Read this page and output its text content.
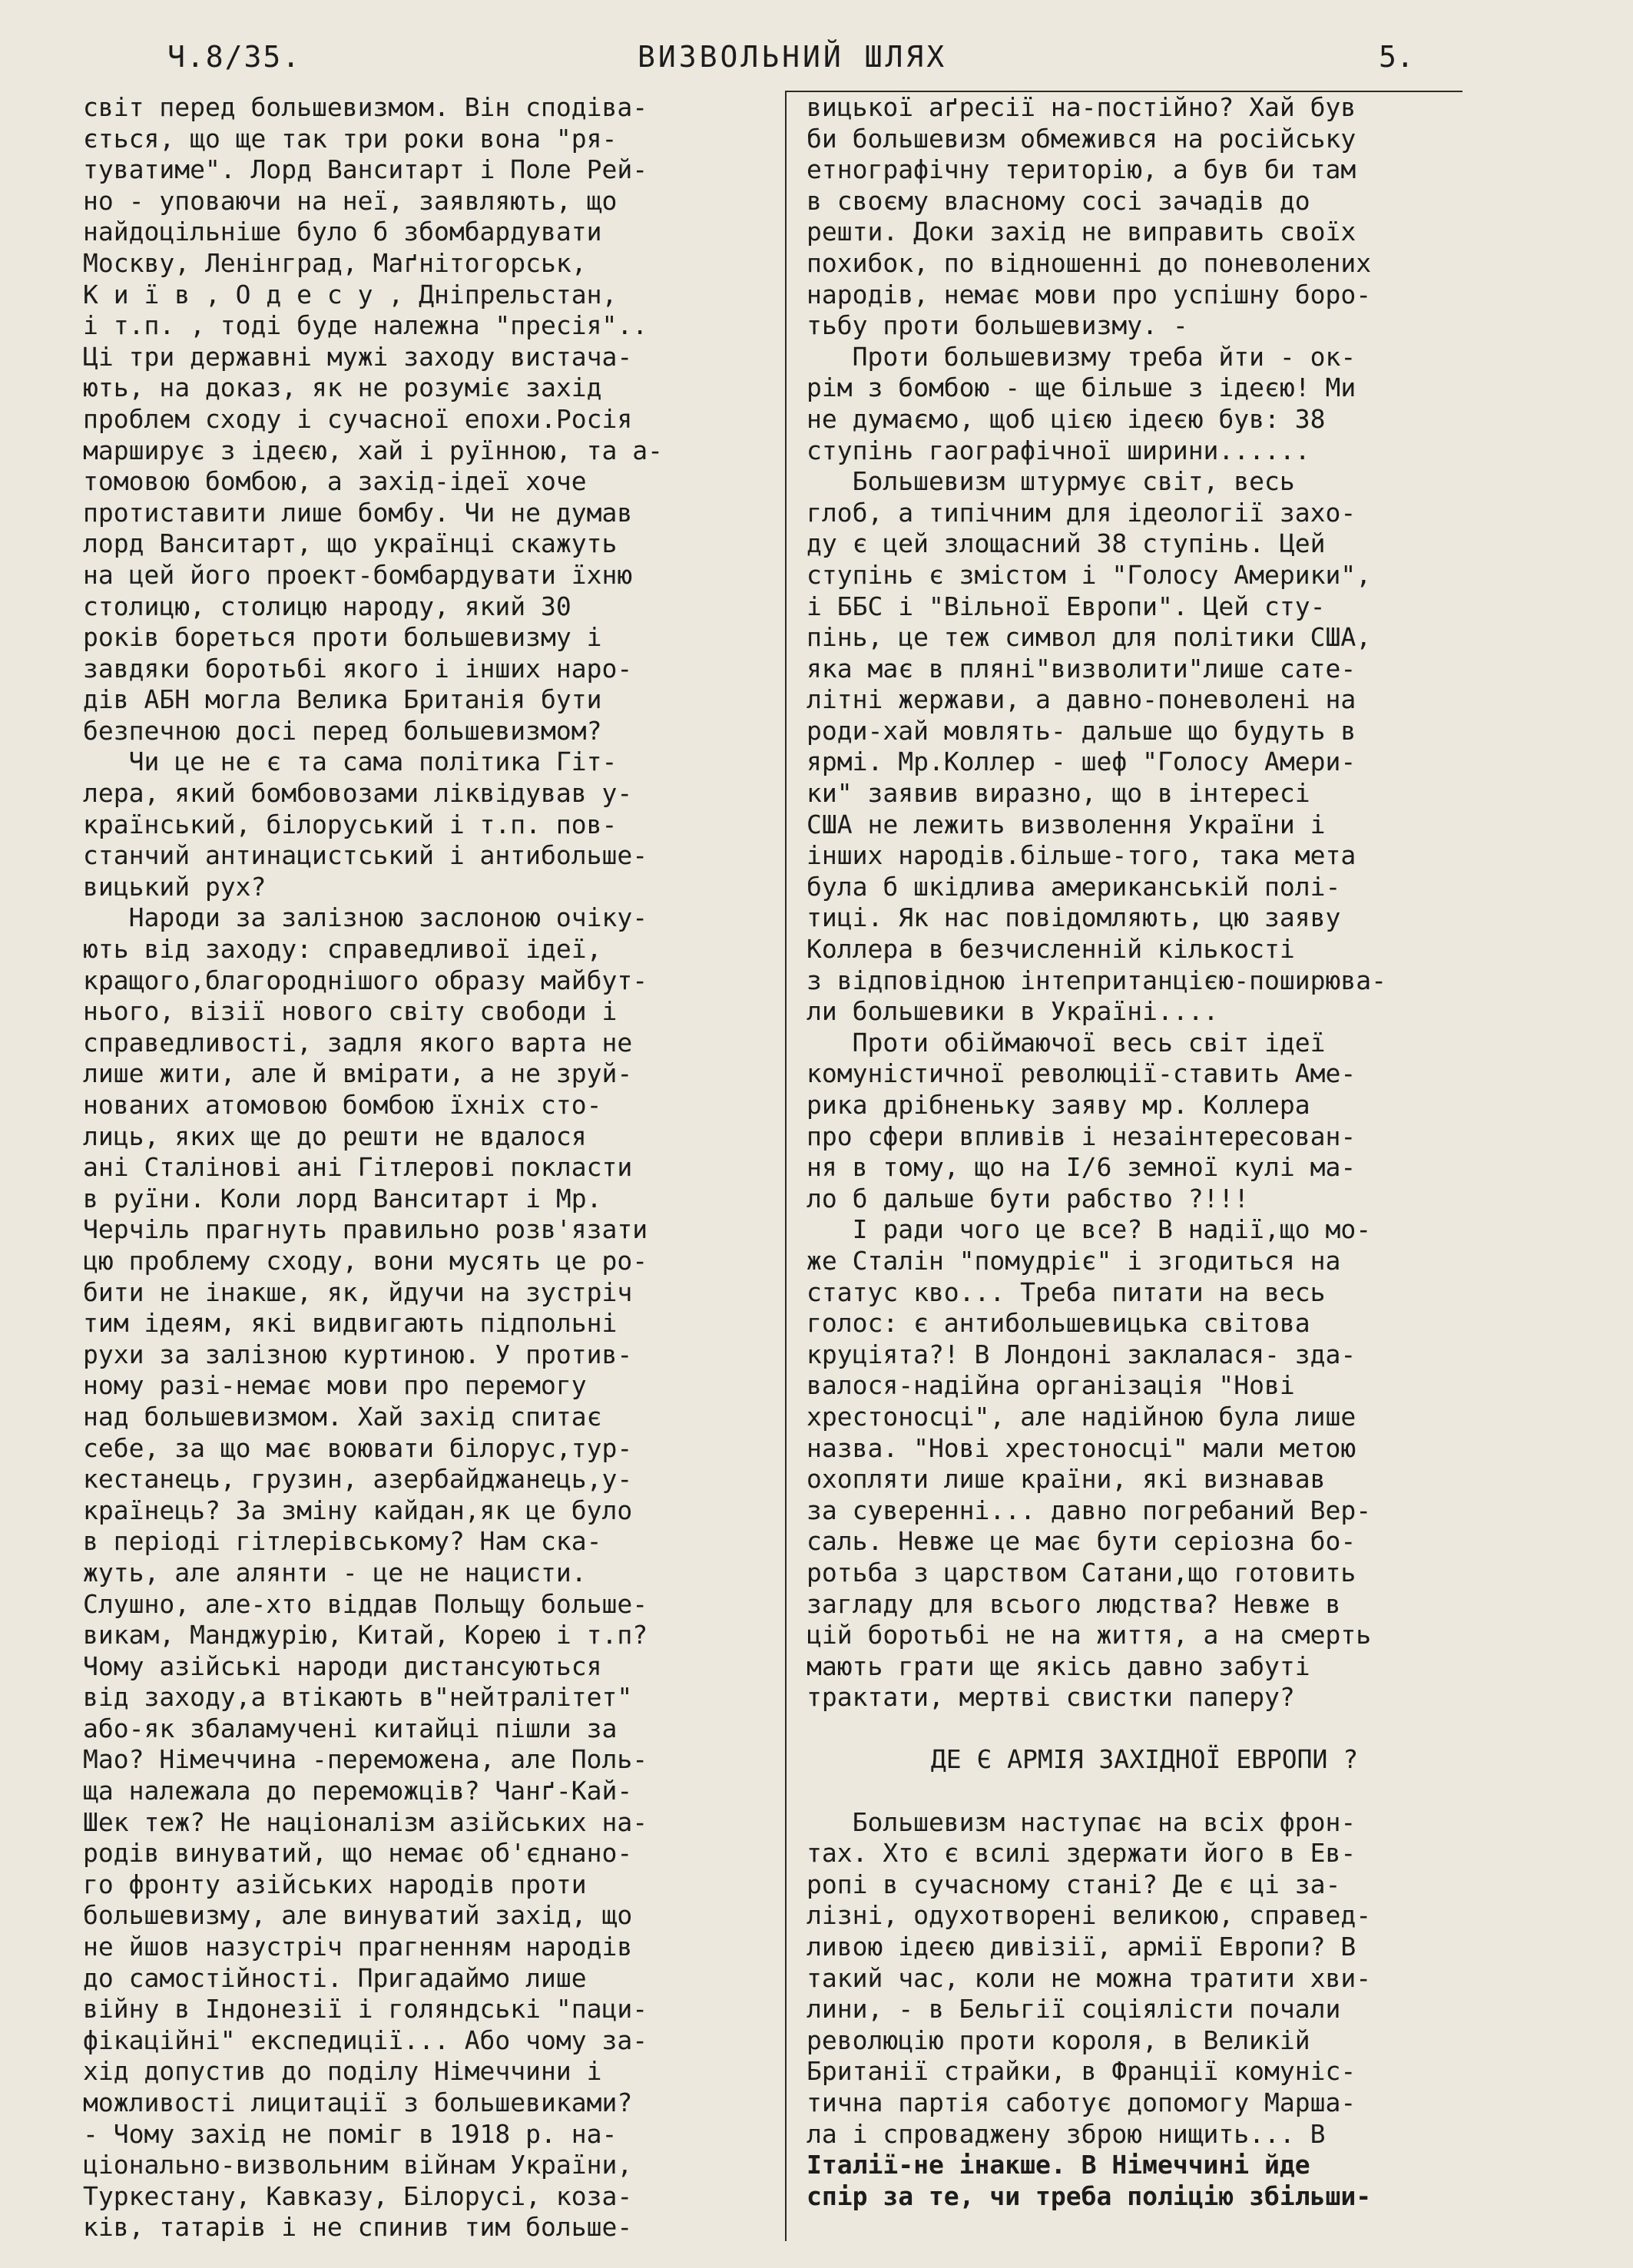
Ч.8/35.	ВИЗВОЛЬНИЙ ШЛЯХ	5.
світ перед большевизмом. Він сподіва-
ється, що ще так три роки вона "ря-
туватиме". Лорд Ванситарт і Поле Рей-
но - уповаючи на неї, заявляють, що
найдоцільніше було б збомбардувати
Москву, Ленінград, Маґнітогорськ,
К и ї в , О д е с у , Дніпрельстан,
і т.п. , тоді буде належна "пресія"..
Ці три державні мужі заходу вистача-
ють, на доказ, як не розуміє захід
проблем сходу і сучасної епохи.Росія
марширує з ідеєю, хай і руїнною, та а-
томовою бомбою, а захід-ідеї хоче
протиставити лише бомбу. Чи не думав
лорд Ванситарт, що українці скажуть
на цей його проект-бомбардувати їхню
столицю, столицю народу, який 30
років бореться проти большевизму і
завдяки боротьбі якого і інших наро-
дів АБН могла Велика Британія бути
безпечною досі перед большевизмом?
Чи це не є та сама політика Гіт-
лера, який бомбовозами ліквідував у-
країнський, білоруський і т.п. пов-
станчий антинацистський і антибольше-
вицький рух?
Народи за залізною заслоною очіку-
ють від заходу: справедливої ідеї,
кращого,благороднішого образу майбут-
нього, візії нового світу свободи і
справедливості, задля якого варта не
лише жити, але й вмірати, а не зруй-
нованих атомовою бомбою їхніх сто-
лиць, яких ще до решти не вдалося
ані Сталінові ані Гітлерові покласти
в руїни. Коли лорд Ванситарт і Мр.
Черчіль прагнуть правильно розв'язати
цю проблему сходу, вони мусять це ро-
бити не інакше, як, йдучи на зустріч
тим ідеям, які видвигають підпольні
рухи за залізною куртиною. У против-
ному разі-немає мови про перемогу
над большевизмом. Хай захід спитає
себе, за що має воювати білорус,тур-
кестанець, грузин, азербайджанець,у-
країнець? За зміну кайдан,як це було
в періоді гітлерівському? Нам ска-
жуть, але алянти - це не нацисти.
Слушно, але-хто віддав Польщу больше-
викам, Манджурію, Китай, Корею і т.п?
Чому азійські народи дистансуються
від заходу,а втікають в"нейтралітет"
або-як збаламучені китайці пішли за
Мао? Німеччина -переможена, але Поль-
ща належала до переможців? Чанґ-Кай-
Шек теж? Не націоналізм азійських на-
родів винуватий, що немає об'єднано-
го фронту азійських народів проти
большевизму, але винуватий захід, що
не йшов назустріч прагненням народів
до самостійності. Пригадаймо лише
війну в Індонезії і голяндські "паци-
фікаційні" експедиції... Або чому за-
хід допустив до поділу Німеччини і
можливості лицитації з большевиками?
- Чому захід не поміг в 1918 р. на-
ціонально-визвольним війнам України,
Туркестану, Кавказу, Білорусі, коза-
ків, татарів і не спинив тим больше-
вицької аґресії на-постійно? Хай був
би большевизм обмежився на російську
етнографічну територію, а був би там
в своєму власному сосі зачадів до
решти. Доки захід не виправить своїх
похибок, по відношенні до поневолених
народів, немає мови про успішну боро-
тьбу проти большевизму. -
Проти большевизму треба йти - ок-
рім з бомбою - ще більше з ідеєю! Ми
не думаємо, щоб цією ідеєю був: 38
ступінь гаографічної ширини......
Большевизм штурмує світ, весь
глоб, а типічним для ідеології захо-
ду є цей злощасний 38 ступінь. Цей
ступінь є змістом і "Голосу Америки",
і ББС і "Вільної Европи". Цей сту-
пінь, це теж символ для політики США,
яка має в пляні"визволити"лише сате-
літні жержави, а давно-поневолені на
роди-хай мовлять- дальше що будуть в
ярмі. Мр.Коллер - шеф "Голосу Амери-
ки" заявив виразно, що в інтересі
США не лежить визволення України і
інших народів.більше-того, така мета
була б шкідлива американській полі-
тиці. Як нас повідомляють, цю заяву
Коллера в безчисленній кількості
з відповідною інтепританцією-поширюва-
ли большевики в Україні....
Проти обіймаючої весь світ ідеї
комуністичної революції-ставить Аме-
рика дрібненьку заяву мр. Коллера
про сфери впливів і незаінтересован-
ня в тому, що на I/6 земної кулі ма-
ло б дальше бути рабство ?!!!
І ради чого це все? В надії,що мо-
же Сталін "помудріє" і згодиться на
статус кво... Треба питати на весь
голос: є антибольшевицька світова
круціята?! В Лондоні заклалася- зда-
валося-надійна організація "Нові
хрестоносці", але надійною була лише
назва. "Нові хрестоносці" мали метою
охопляти лише країни, які визнавав
за суверенні... давно погребаний Вер-
саль. Невже це має бути серіозна бо-
ротьба з царством Сатани,що готовить
загладу для всього людства? Невже в
цій боротьбі не на життя, а на смерть
мають грати ще якісь давно забуті
трактати, мертві свистки паперу?
ДЕ Є АРМІЯ ЗАХІДНОЇ ЕВРОПИ ?
Большевизм наступає на всіх фрон-
тах. Хто є всилі здержати його в Ев-
ропі в сучасному стані? Де є ці за-
лізні, одухотворені великою, справед-
ливою ідеєю дивізії, армії Европи? В
такий час, коли не можна тратити хви-
лини, - в Бельгії соціялісти почали
революцію проти короля, в Великій
Британії страйки, в Франції комуніс-
тична партія саботує допомогу Марша-
ла і спроваджену зброю нищить... В
Італії-не інакше. В Німеччині йде
спір за те, чи треба поліцію збільши-
